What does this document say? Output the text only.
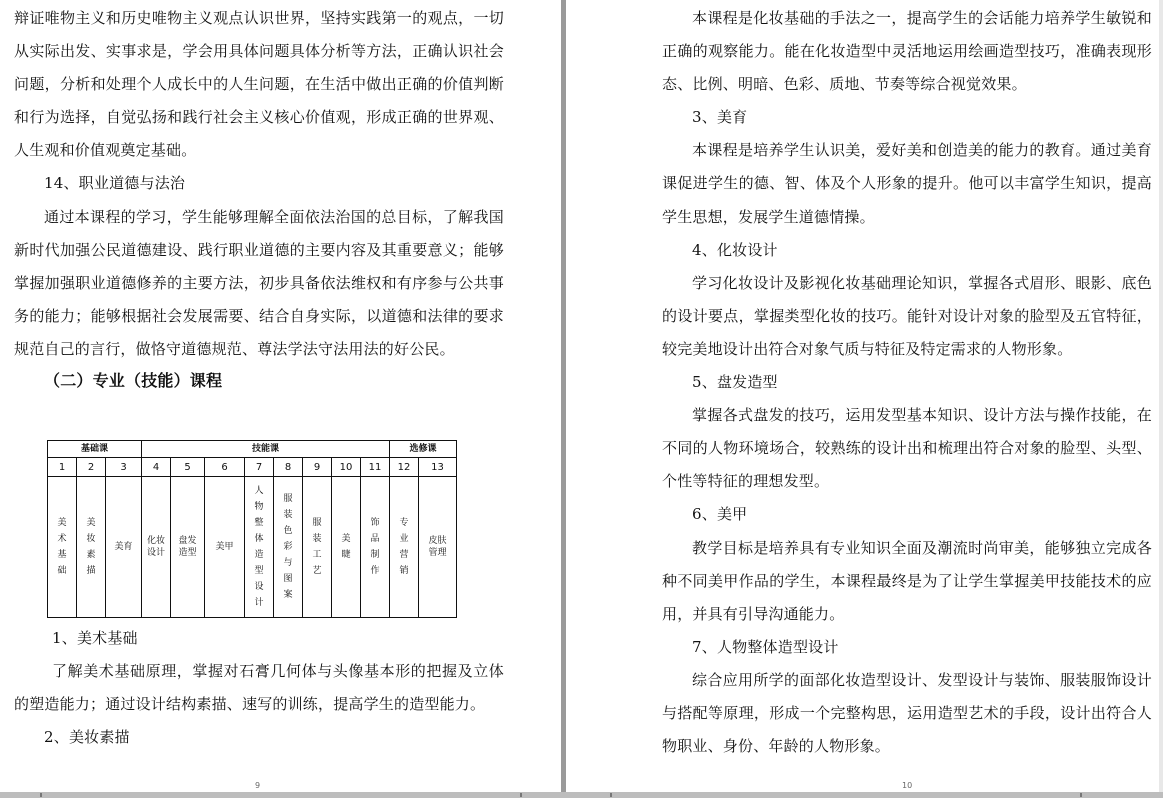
辩证唯物主义和历史唯物主义观点认识世界，坚持实践第一的观点，一切从实际出发、实事求是，学会用具体问题具体分析等方法，正确认识社会问题，分析和处理个人成长中的人生问题，在生活中做出正确的价值判断和行为选择，自觉弘扬和践行社会主义核心价值观，形成正确的世界观、人生观和价值观奠定基础。

14、职业道德与法治

通过本课程的学习，学生能够理解全面依法治国的总目标，了解我国新时代加强公民道德建设、践行职业道德的主要内容及其重要意义；能够掌握加强职业道德修养的主要方法，初步具备依法维权和有序参与公共事务的能力；能够根据社会发展需要、结合自身实际，以道德和法律的要求规范自己的言行，做恪守道德规范、尊法学法守法用法的好公民。

（二）专业（技能）课程

基础课			技能课								选修课	
1	2	3	4	5	6	7	8	9	10	11	12	13
美术基础	美妆素描	美育	化妆设计	盘发造型	美甲	人物整体造型设计	服装色彩与图案	服装工艺	美睫	饰品制作	专业营销	皮肤管理

1、美术基础

了解美术基础原理，掌握对石膏几何体与头像基本形的把握及立体的塑造能力；通过设计结构素描、速写的训练，提高学生的造型能力。

2、美妆素描

9

本课程是化妆基础的手法之一，提高学生的会话能力培养学生敏锐和正确的观察能力。能在化妆造型中灵活地运用绘画造型技巧，准确表现形态、比例、明暗、色彩、质地、节奏等综合视觉效果。

3、美育

本课程是培养学生认识美，爱好美和创造美的能力的教育。通过美育课促进学生的德、智、体及个人形象的提升。他可以丰富学生知识，提高学生思想，发展学生道德情操。

4、化妆设计

学习化妆设计及影视化妆基础理论知识，掌握各式眉形、眼影、底色的设计要点，掌握类型化妆的技巧。能针对设计对象的脸型及五官特征，较完美地设计出符合对象气质与特征及特定需求的人物形象。

5、盘发造型

掌握各式盘发的技巧，运用发型基本知识、设计方法与操作技能，在不同的人物环境场合，较熟练的设计出和梳理出符合对象的脸型、头型、个性等特征的理想发型。

6、美甲

教学目标是培养具有专业知识全面及潮流时尚审美，能够独立完成各种不同美甲作品的学生，本课程最终是为了让学生掌握美甲技能技术的应用，并具有引导沟通能力。

7、人物整体造型设计

综合应用所学的面部化妆造型设计、发型设计与装饰、服装服饰设计与搭配等原理，形成一个完整构思，运用造型艺术的手段，设计出符合人物职业、身份、年龄的人物形象。

10
